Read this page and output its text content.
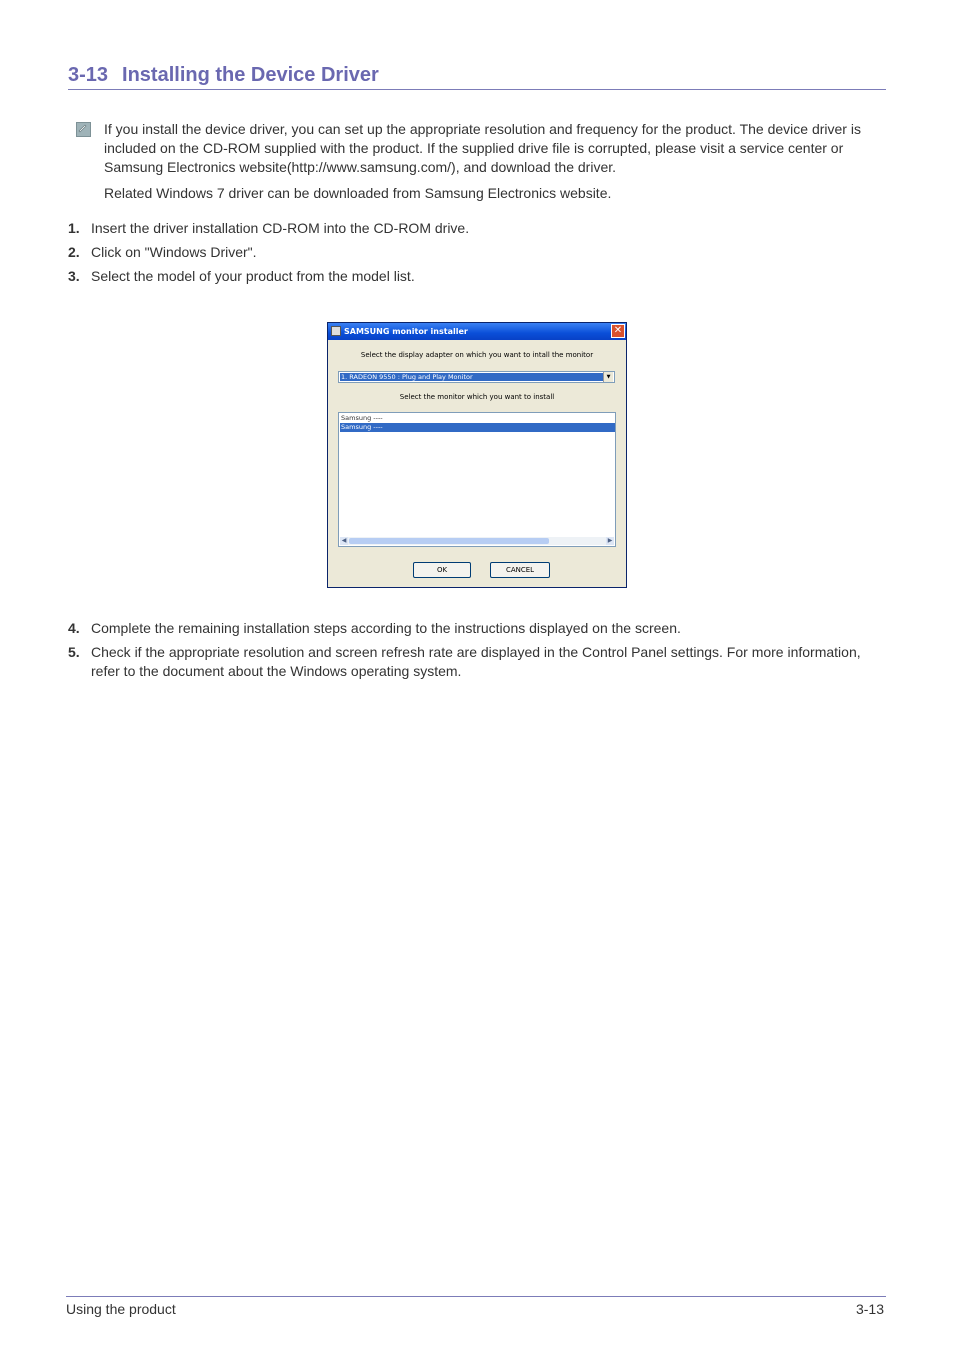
3-13 Installing the Device Driver

If you install the device driver, you can set up the appropriate resolution and frequency for the product. The device driver is included on the CD-ROM supplied with the product. If the supplied drive file is corrupted, please visit a service center or Samsung Electronics website(http://www.samsung.com/), and download the driver.

Related Windows 7 driver can be downloaded from Samsung Electronics website.

1. Insert the driver installation CD-ROM into the CD-ROM drive.
2. Click on "Windows Driver".
3. Select the model of your product from the model list.
SAMSUNG monitor installer	✕
Select the display adapter on which you want to intall the monitor
1. RADEON 9550 : Plug and Play Monitor	▼
Select the monitor which you want to install
Samsung ----
Samsung ----
◀	▶
OK	CANCEL
4. Complete the remaining installation steps according to the instructions displayed on the screen.
5. Check if the appropriate resolution and screen refresh rate are displayed in the Control Panel settings. For more information, refer to the document about the Windows operating system.
Using the product	3-13
